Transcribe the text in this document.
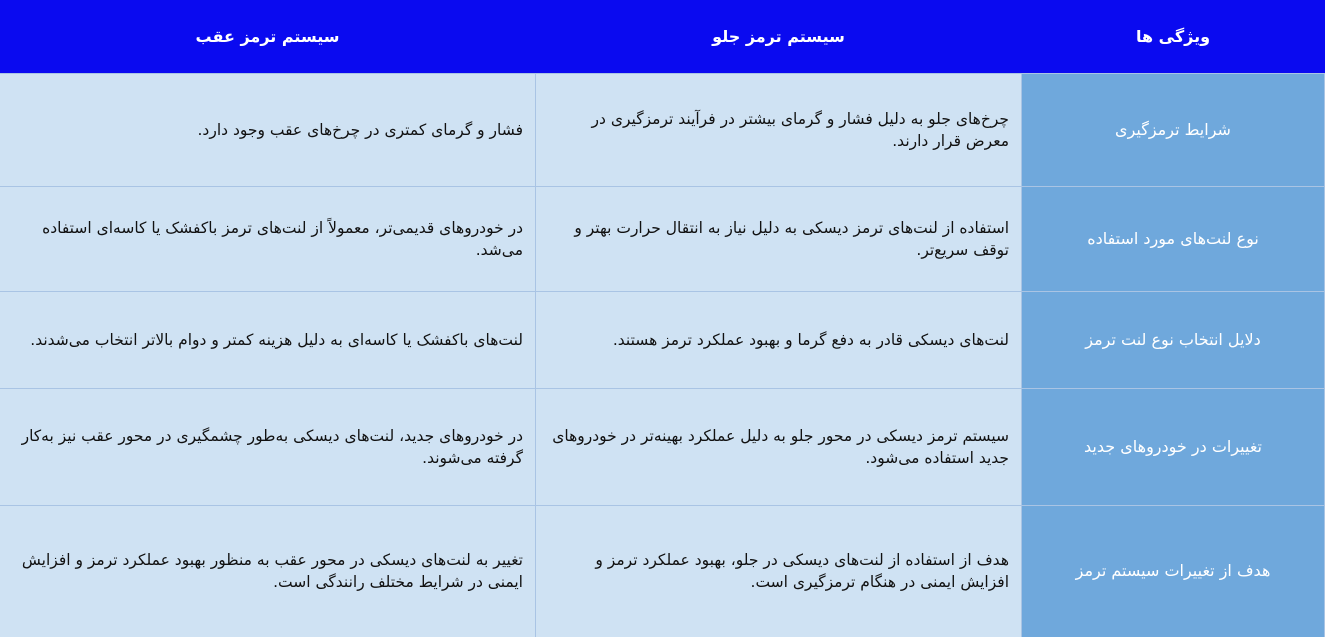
ویژگی ها	سیستم ترمز جلو	سیستم ترمز عقب
شرایط ترمزگیری	چرخ‌های جلو به دلیل فشار و گرمای بیشتر در فرآیند ترمزگیری در معرض قرار دارند.	فشار و گرمای کمتری در چرخ‌های عقب وجود دارد.
نوع لنت‌های مورد استفاده	استفاده از لنت‌های ترمز دیسکی به دلیل نیاز به انتقال حرارت بهتر و توقف سریع‌تر.	در خودروهای قدیمی‌تر، معمولاً از لنت‌های ترمز باکفشک یا کاسه‌ای استفاده می‌شد.
دلایل انتخاب نوع لنت ترمز	لنت‌های دیسکی قادر به دفع گرما و بهبود عملکرد ترمز هستند.	لنت‌های باکفشک یا کاسه‌ای به دلیل هزینه کمتر و دوام بالاتر انتخاب می‌شدند.
تغییرات در خودروهای جدید	سیستم ترمز دیسکی در محور جلو به دلیل عملکرد بهینه‌تر در خودروهای جدید استفاده می‌شود.	در خودروهای جدید، لنت‌های دیسکی به‌طور چشمگیری در محور عقب نیز به‌کار گرفته می‌شوند.
هدف از تغییرات سیستم ترمز	هدف از استفاده از لنت‌های دیسکی در جلو، بهبود عملکرد ترمز و افزایش ایمنی در هنگام ترمزگیری است.	تغییر به لنت‌های دیسکی در محور عقب به منظور بهبود عملکرد ترمز و افزایش ایمنی در شرایط مختلف رانندگی است.
